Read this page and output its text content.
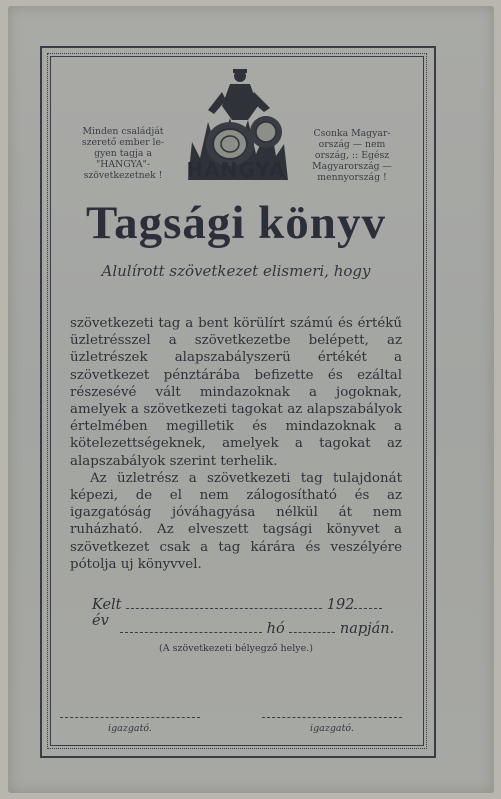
Minden családját
szerető ember le-
gyen tagja a
"HANGYA"-
szövetkezetnek !	HANGYA
Csonka Magyar-
ország — nem
ország, :: Egész
Magyarország —
mennyország !
Tagsági könyv
Alulírott szövetkezet elismeri, hogy

szövetkezeti tag a bent körülírt számú és értékű üzletrésszel a szövetkezetbe belépett, az üzletrészek alapszabályszerü értékét a szövetkezet pénztárába befizette és ezáltal részesévé vált mindazoknak a jogoknak, amelyek a szövetkezeti tagokat az alapszabályok értelmében megilletik és mindazoknak a kötelezettségeknek, amelyek a tagokat az alapszabályok szerint terhelik.

Az üzletrész a szövetkezeti tag tulajdonát képezi, de el nem zálogosítható és az igazgatóság jóváhagyása nélkül át nem ruházható. Az elveszett tagsági könyvet a szövetkezet csak a tag kárára és veszélyére pótolja uj könyvvel.

Kelt	192 év	hó	napján.
(A szövetkezeti bélyegző helye.)
igazgató.	igazgató.
